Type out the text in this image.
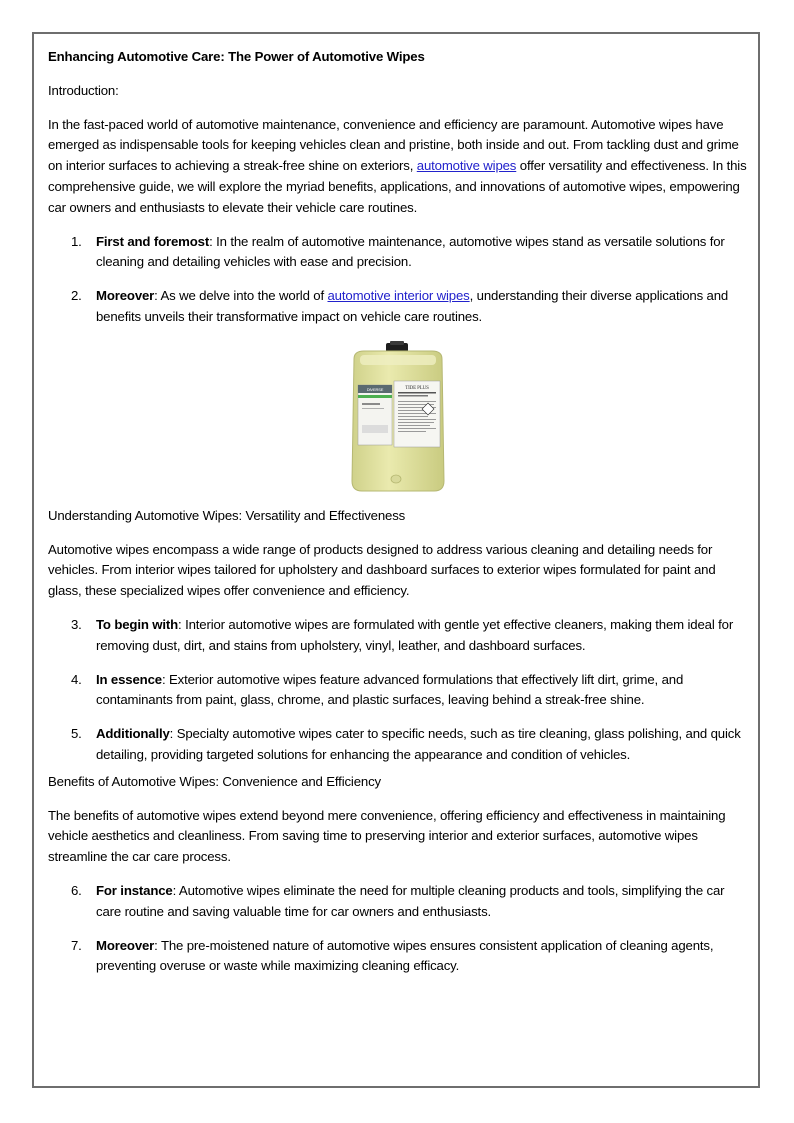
Enhancing Automotive Care: The Power of Automotive Wipes

Introduction:

In the fast-paced world of automotive maintenance, convenience and efficiency are paramount. Automotive wipes have emerged as indispensable tools for keeping vehicles clean and pristine, both inside and out. From tackling dust and grime on interior surfaces to achieving a streak-free shine on exteriors, automotive wipes offer versatility and effectiveness. In this comprehensive guide, we will explore the myriad benefits, applications, and innovations of automotive wipes, empowering car owners and enthusiasts to elevate their vehicle care routines.

1. First and foremost: In the realm of automotive maintenance, automotive wipes stand as versatile solutions for cleaning and detailing vehicles with ease and precision.
2. Moreover: As we delve into the world of automotive interior wipes, understanding their diverse applications and benefits unveils their transformative impact on vehicle care routines.
DIVERSE	TIDE PLUS

Understanding Automotive Wipes: Versatility and Effectiveness

Automotive wipes encompass a wide range of products designed to address various cleaning and detailing needs for vehicles. From interior wipes tailored for upholstery and dashboard surfaces to exterior wipes formulated for paint and glass, these specialized wipes offer convenience and efficiency.

3. To begin with: Interior automotive wipes are formulated with gentle yet effective cleaners, making them ideal for removing dust, dirt, and stains from upholstery, vinyl, leather, and dashboard surfaces.
4. In essence: Exterior automotive wipes feature advanced formulations that effectively lift dirt, grime, and contaminants from paint, glass, chrome, and plastic surfaces, leaving behind a streak-free shine.
5. Additionally: Specialty automotive wipes cater to specific needs, such as tire cleaning, glass polishing, and quick detailing, providing targeted solutions for enhancing the appearance and condition of vehicles.

Benefits of Automotive Wipes: Convenience and Efficiency

The benefits of automotive wipes extend beyond mere convenience, offering efficiency and effectiveness in maintaining vehicle aesthetics and cleanliness. From saving time to preserving interior and exterior surfaces, automotive wipes streamline the car care process.

6. For instance: Automotive wipes eliminate the need for multiple cleaning products and tools, simplifying the car care routine and saving valuable time for car owners and enthusiasts.
7. Moreover: The pre-moistened nature of automotive wipes ensures consistent application of cleaning agents, preventing overuse or waste while maximizing cleaning efficacy.
